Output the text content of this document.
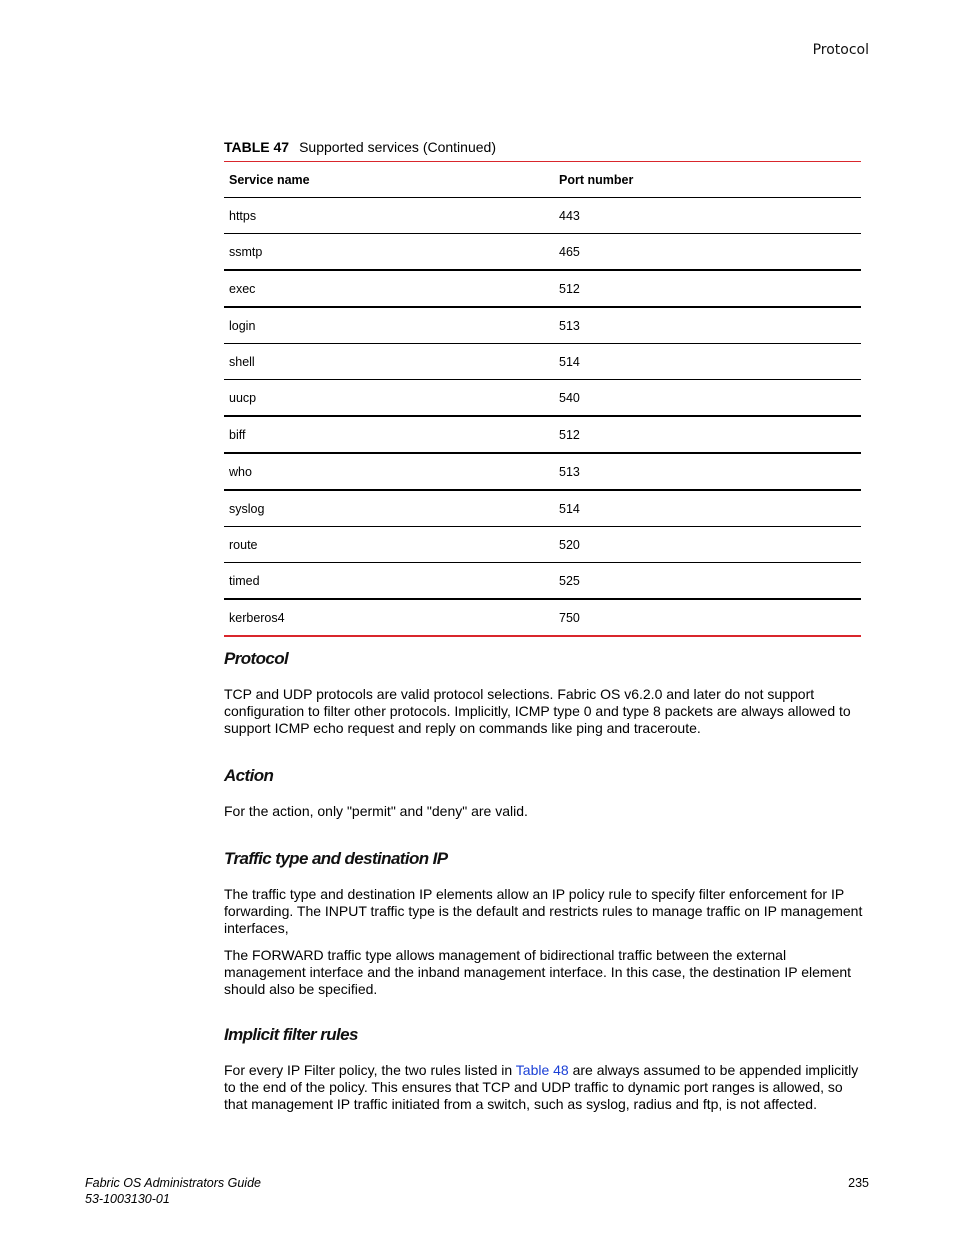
Protocol
TABLE 47 Supported services (Continued)
Service name	Port number
https	443
ssmtp	465
exec	512
login	513
shell	514
uucp	540
biff	512
who	513
syslog	514
route	520
timed	525
kerberos4	750
Protocol

TCP and UDP protocols are valid protocol selections. Fabric OS v6.2.0 and later do not support configuration to filter other protocols. Implicitly, ICMP type 0 and type 8 packets are always allowed to support ICMP echo request and reply on commands like ping and traceroute.

Action

For the action, only "permit" and "deny" are valid.

Traffic type and destination IP

The traffic type and destination IP elements allow an IP policy rule to specify filter enforcement for IP forwarding. The INPUT traffic type is the default and restricts rules to manage traffic on IP management interfaces,

The FORWARD traffic type allows management of bidirectional traffic between the external management interface and the inband management interface. In this case, the destination IP element should also be specified.

Implicit filter rules

For every IP Filter policy, the two rules listed in Table 48 are always assumed to be appended implicitly to the end of the policy. This ensures that TCP and UDP traffic to dynamic port ranges is allowed, so that management IP traffic initiated from a switch, such as syslog, radius and ftp, is not affected.

Fabric OS Administrators Guide
53-1003130-01
235
